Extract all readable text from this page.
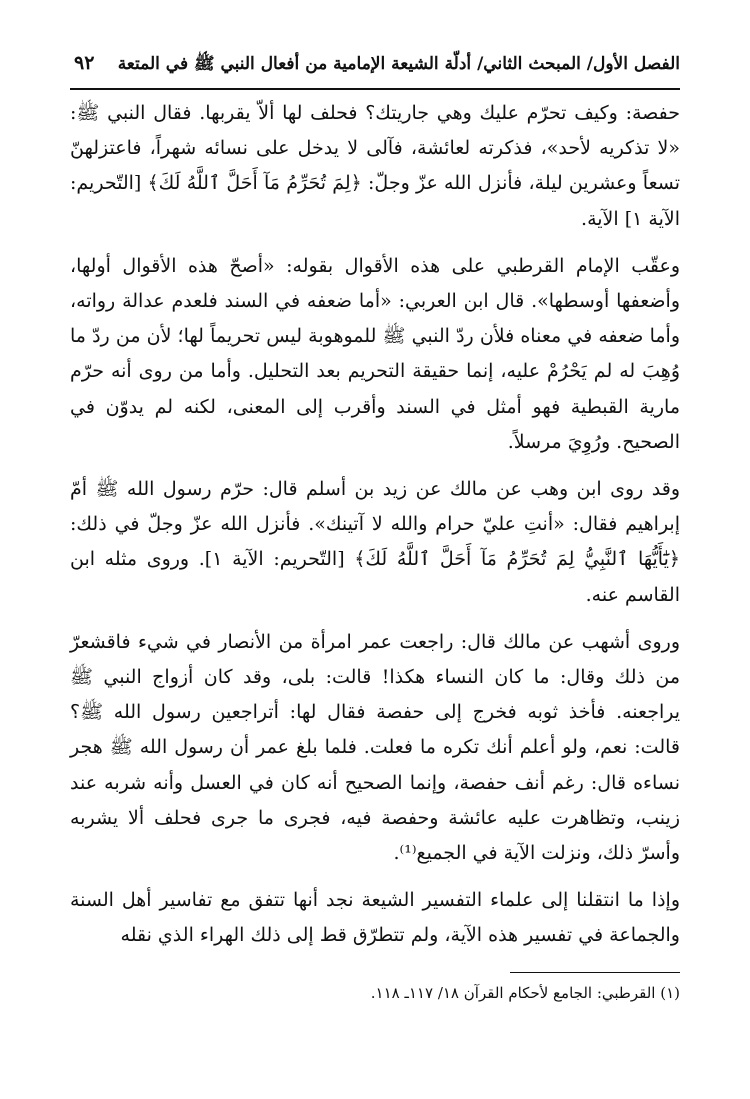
الفصل الأول/ المبحث الثاني/ أدلّة الشيعة الإمامية من أفعال النبي ﷺ في المتعة
٩٢

حفصة: وكيف تحرّم عليك وهي جاريتك؟ فحلف لها ألاّ يقربها. فقال النبي ﷺ: «لا تذكريه لأحد»، فذكرته لعائشة، فآلى لا يدخل على نسائه شهراً، فاعتزلهنّ تسعاً وعشرين ليلة، فأنزل الله عزّ وجلّ: ﴿لِمَ تُحَرِّمُ مَآ أَحَلَّ ٱللَّهُ لَكَ﴾ [التّحريم: الآية ١] الآية.

وعقّب الإمام القرطبي على هذه الأقوال بقوله: «أصحّ هذه الأقوال أولها، وأضعفها أوسطها». قال ابن العربي: «أما ضعفه في السند فلعدم عدالة رواته، وأما ضعفه في معناه فلأن ردّ النبي ﷺ للموهوبة ليس تحريماً لها؛ لأن من ردّ ما وُهِبَ له لم يَحْرُمْ عليه، إنما حقيقة التحريم بعد التحليل. وأما من روى أنه حرّم مارية القبطية فهو أمثل في السند وأقرب إلى المعنى، لكنه لم يدوّن في الصحيح. ورُوِيَ مرسلاً.

وقد روى ابن وهب عن مالك عن زيد بن أسلم قال: حرّم رسول الله ﷺ أمّ إبراهيم فقال: «أنتِ عليّ حرام والله لا آتينك». فأنزل الله عزّ وجلّ في ذلك: ﴿يَٰٓأَيُّهَا ٱلنَّبِيُّ لِمَ تُحَرِّمُ مَآ أَحَلَّ ٱللَّهُ لَكَ﴾ [التّحريم: الآية ١]. وروى مثله ابن القاسم عنه.

وروى أشهب عن مالك قال: راجعت عمر امرأة من الأنصار في شيء فاقشعرّ من ذلك وقال: ما كان النساء هكذا! قالت: بلى، وقد كان أزواج النبي ﷺ يراجعنه. فأخذ ثوبه فخرج إلى حفصة فقال لها: أتراجعين رسول الله ﷺ؟ قالت: نعم، ولو أعلم أنك تكره ما فعلت. فلما بلغ عمر أن رسول الله ﷺ هجر نساءه قال: رغم أنف حفصة، وإنما الصحيح أنه كان في العسل وأنه شربه عند زينب، وتظاهرت عليه عائشة وحفصة فيه، فجرى ما جرى فحلف ألا يشربه وأسرّ ذلك، ونزلت الآية في الجميع⁽¹⁾.

وإذا ما انتقلنا إلى علماء التفسير الشيعة نجد أنها تتفق مع تفاسير أهل السنة والجماعة في تفسير هذه الآية، ولم تتطرّق قط إلى ذلك الهراء الذي نقله

(١) القرطبي: الجامع لأحكام القرآن ١٨/ ١١٧ـ ١١٨.
